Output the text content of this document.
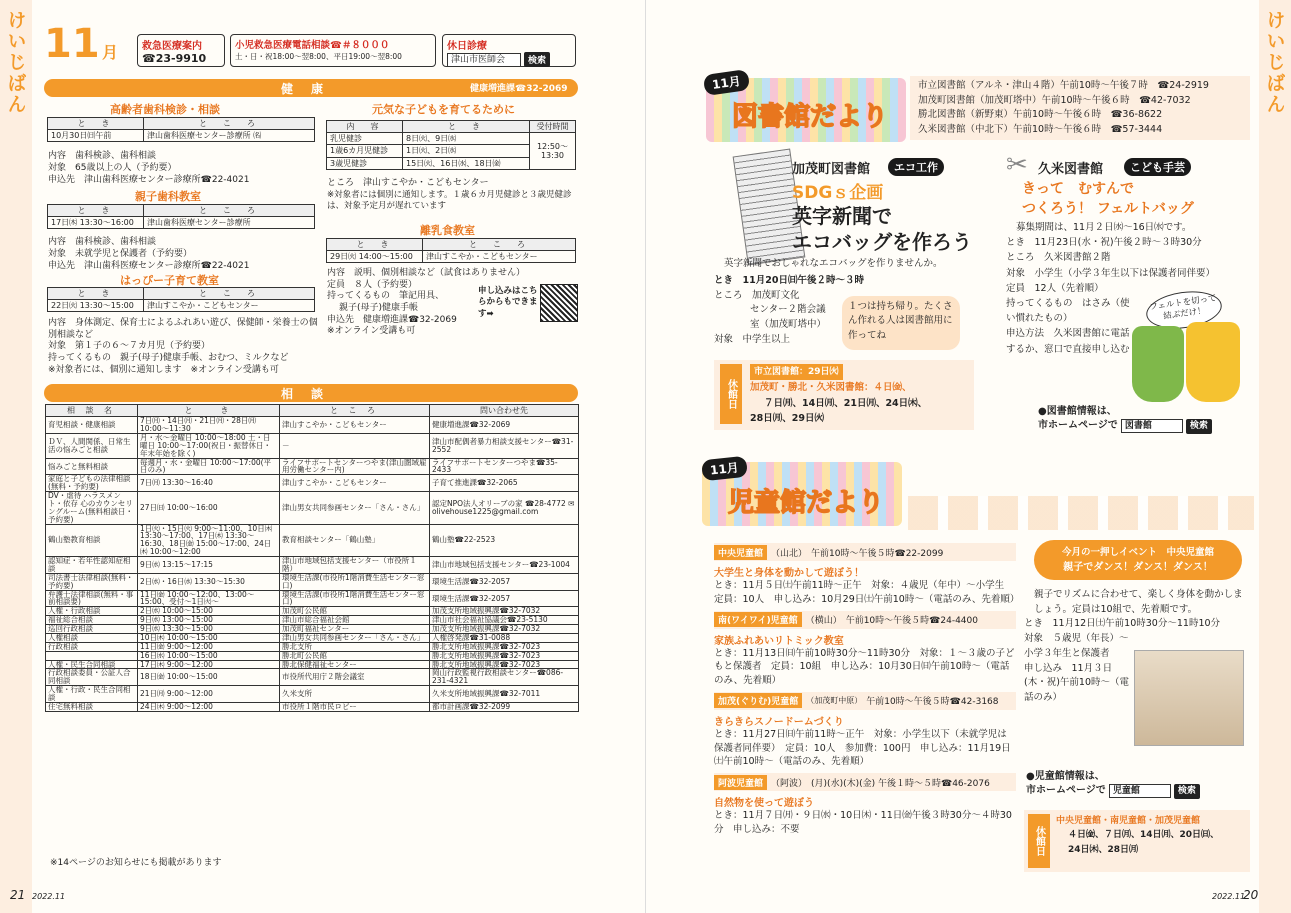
けいじばん 11 月 救急医療案内
☎23-9910
小児救急医療電話相談☎＃８０００
土・日・祝18:00～翌8:00、平日19:00～翌8:00
休日診療
津山市医師会	検索
健康	健康増進課☎32-2069
高齢者歯科検診・相談
と　き	と　こ　ろ
10月30日㈰午前	津山歯科医療センター診療所 ㈴
内容　歯科検診、歯科相談
対象　65歳以上の人（予約要）
申込先　津山歯科医療センター診療所☎22-4021
親子歯科教室
と　き	と　こ　ろ
17日㈭ 13:30～16:00	津山歯科医療センター診療所
内容　歯科検診、歯科相談
対象　未就学児と保護者（予約要）
申込先　津山歯科医療センター診療所☎22-4021
はっぴー子育て教室
と　き	と　こ　ろ
22日㈫ 13:30～15:00	津山すこやか・こどもセンター
内容　身体測定、保育士によるふれあい遊び、保健師・栄養士の個別相談など
対象　第１子の６～７カ月児（予約要）
持ってくるもの　親子(母子)健康手帳、おむつ、ミルクなど
※対象者には、個別に通知します　※オンライン受講も可
元気な子どもを育てるために
内　容	と　き	受付時間
乳児健診	8日㈫、9日㈬	12:50～13:30
1歳6カ月児健診	1日㈫、2日㈬	
3歳児健診	15日㈫、16日㈬、18日㈮	
ところ　津山すこやか・こどもセンター
※対象者には個別に通知します。１歳６カ月児健診と３歳児健診は、対象予定月が遅れています
離乳食教室
と　き	と　こ　ろ
29日㈫ 14:00～15:00	津山すこやか・こどもセンター
内容　説明、個別相談など（試食はありません）
定員　８人（予約要）
持ってくるもの　筆記用具、
親子(母子)健康手帳
申込先　健康増進課☎32-2069
※オンライン受講も可
申し込みはこちらからもできます➡
相談
相 談 名	と　　き	と こ ろ	問い合わせ先
育児相談・健康相談	7日㈪・14日㈪・21日㈪・28日㈪ 10:00～11:30	津山すこやか・こどもセンター	健康増進課☎32-2069
ＤＶ、人間関係、日常生活の悩みごと相談	月・水～金曜日 10:00～18:00 土・日曜日 10:00～17:00(祝日・振替休日・年末年始を除く)	－	津山市配偶者暴力相談支援センター☎31-2552
悩みごと無料相談	毎週月・水・金曜日 10:00～17:00(平日のみ)	ライフサポートセンターつやま(津山圏域雇用労働センター内)	ライフサポートセンターつやま☎35-2433
家庭と子どもの法律相談(無料・予約要)	7日㈪ 13:30～16:40	津山すこやか・こどもセンター	子育て推進課☎32-2065
DV・虐待 ハラスメント・依存 心のカウンセリングルーム(無料相談日・予約要)	27日㈰ 10:00～16:00	津山男女共同参画センター「さん・さん」	認定NPO法人オリーブの家 ☎28-4772 ✉olivehouse1225@gmail.com
鶴山塾教育相談	1日㈫・15日㈫ 9:00～11:00、10日㈭ 13:30～17:00、17日㈭ 13:30～16:30、18日㈮ 15:00～17:00、24日㈭ 10:00～12:00	教育相談センター「鶴山塾」	鶴山塾☎22-2523
認知症・若年性認知症相談	9日㈬ 13:15～17:15	津山市地域包括支援センター（市役所１階）	津山市地域包括支援センター☎23-1004
司法書士法律相談(無料・予約要)	2日㈬・16日㈬ 13:30～15:30	環境生活課(市役所1階消費生活センター窓口)	環境生活課☎32-2057
弁護士法律相談(無料・事前相談要)	11日㈮ 10:00～12:00、13:00～15:00、受付～1日㈫～	環境生活課(市役所1階消費生活センター窓口)	環境生活課☎32-2057
人権・行政相談	2日㈬ 10:00～15:00	加茂町公民館	加茂支所地域振興課☎32-7032
福祉総合相談	9日㈬ 13:00～15:00	津山市総合福祉会館	津山市社会福祉協議会☎23-5130
巡回行政相談	9日㈬ 13:30～15:00	加茂町福祉センター	加茂支所地域振興課☎32-7032
人権相談	10日㈭ 10:00～15:00	津山男女共同参画センター「さん・さん」	人権啓発課☎31-0088
行政相談	11日㈮ 9:00～12:00	勝北支所	勝北支所地域振興課☎32-7023
	16日㈬ 10:00～15:00	勝北町公民館	勝北支所地域振興課☎32-7023
人権・民生合同相談	17日㈭ 9:00～12:00	勝北保健福祉センター	勝北支所地域振興課☎32-7023
行政相談委員・公証人合同相談	18日㈮ 10:00～15:00	市役所代用庁２階会議室	岡山行政監視行政相談センター☎086-231-4321
人権・行政・民生合同相談	21日㈪ 9:00～12:00	久米支所	久米支所地域振興課☎32-7011
住宅無料相談	24日㈭ 9:00～12:00	市役所１階市民ロビー	都市計画課☎32-2099
※14ページのお知らせにも掲載があります
21 2022.11
けいじばん
11月
図書館だより
市立図書館（アルネ・津山４階）午前10時～午後７時　☎24-2919
加茂町図書館（加茂町塔中）午前10時～午後６時　☎42-7032
勝北図書館（新野東）午前10時～午後６時　☎36-8622
久米図書館（中北下）午前10時～午後６時　☎57-3444
加茂町図書館	エコ工作
SDGｓ企画
英字新聞で
エコバッグを作ろう
英字新聞でおしゃれなエコバッグを作りませんか。
とき　11月20日㈰午後２時～３時
ところ　加茂町文化
センター２階会議
室（加茂町塔中）
対象　中学生以上
１つは持ち帰り。たくさん作れる人は図書館用に作ってね
休館日
市立図書館：29日㈫
加茂町・勝北・久米図書館：４日㈮、
７日㈪、14日㈪、21日㈪、24日㈭、
28日㈪、29日㈫
✂ 久米図書館	こども手芸
きって　むすんで
つくろう！ フェルトバッグ
募集期間は、11月２日㈬～16日㈬です。
とき　11月23日(水・祝)午後２時～３時30分
ところ　久米図書館２階
対象　小学生（小学３年生以下は保護者同伴要）
定員　12人（先着順）
持ってくるもの　はさみ（使い慣れたもの）
申込方法　久米図書館に電話するか、窓口で直接申し込む
フェルトを切って結ぶだけ！
●図書館情報は、
市ホームページで 図書館	検索
11月
児童館だより
中央児童館 （山北） 午前10時～午後５時☎22-2099
大学生と身体を動かして遊ぼう！
とき：11月５日㈯午前11時～正午　対象：４歳児（年中）～小学生　定員：10人　申し込み：10月29日㈯午前10時～（電話のみ、先着順）
南(ワイワイ)児童館 （横山） 午前10時～午後５時☎24-4400
家族ふれあいリトミック教室
とき：11月13日㈰午前10時30分～11時30分　対象：１～３歳の子どもと保護者　定員：10組　申し込み：10月30日㈰午前10時～（電話のみ、先着順）
加茂(ぐりむ)児童館	（加茂町中原） 午前10時～午後５時☎42-3168
きらきらスノードームづくり
とき：11月27日㈰午前11時～正午　対象：小学生以下（未就学児は保護者同伴要）　定員：10人　参加費：100円　申し込み：11月19日㈯午前10時～（電話のみ、先着順）
阿波児童館 （阿波） (月)(水)(木)(金) 午後１時～５時☎46-2076
自然物を使って遊ぼう
とき：11月７日㈪・９日㈬・10日㈭・11日㈮午後３時30分～４時30分　申し込み：不要
今月の一押しイベント　中央児童館
親子でダンス！ダンス！ダンス！
親子でリズムに合わせて、楽しく身体を動かしましょう。定員は10組で、先着順です。
とき　11月12日㈯午前10時30分～11時10分
対象　５歳児（年長）～小学３年生と保護者
申し込み　11月３日(木・祝)午前10時～（電話のみ）
●児童館情報は、
市ホームページで 児童館	検索
休館日
中央児童館・南児童館・加茂児童館
４日㈮、７日㈪、14日㈪、20日㈰、
24日㈭、28日㈪
2022.11
20
